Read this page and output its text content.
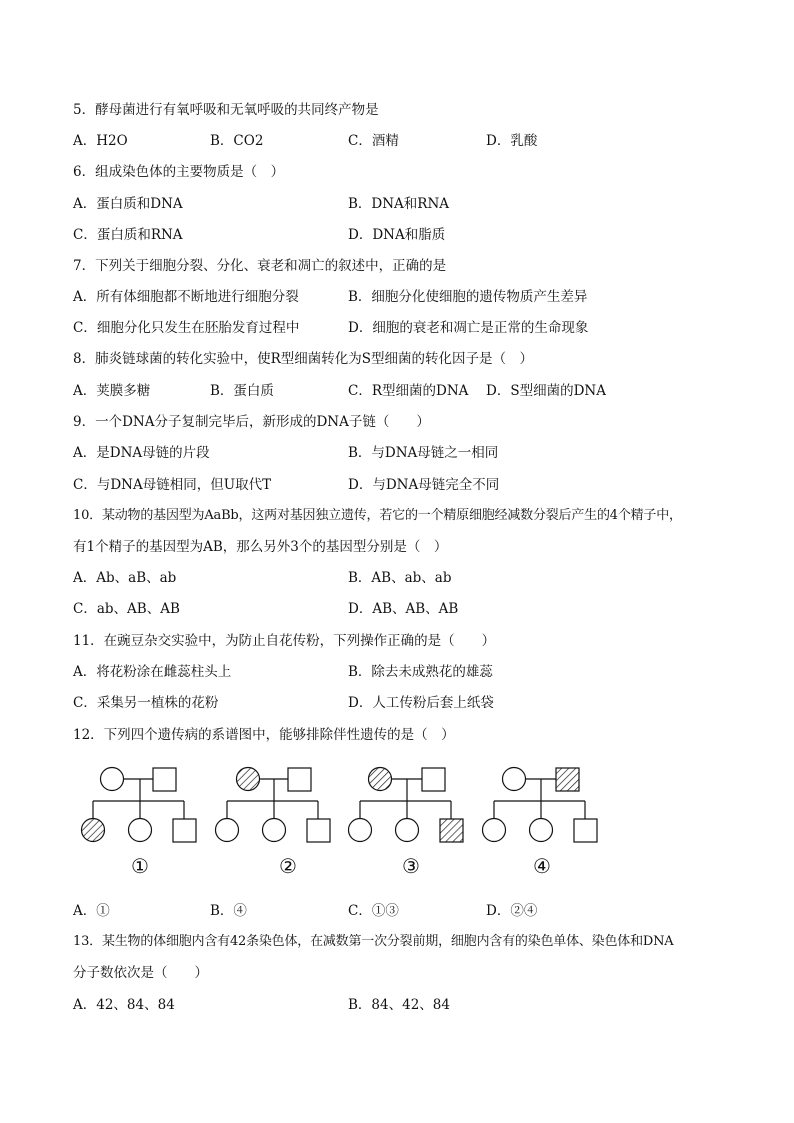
5．酵母菌进行有氧呼吸和无氧呼吸的共同终产物是
A．H2O	B．CO2	C．酒精	D．乳酸
6．组成染色体的主要物质是（　）
A．蛋白质和DNA	B．DNA和RNA
C．蛋白质和RNA	D．DNA和脂质
7．下列关于细胞分裂、分化、衰老和凋亡的叙述中，正确的是
A．所有体细胞都不断地进行细胞分裂	B．细胞分化使细胞的遗传物质产生差异
C．细胞分化只发生在胚胎发育过程中	D．细胞的衰老和凋亡是正常的生命现象
8．肺炎链球菌的转化实验中，使R型细菌转化为S型细菌的转化因子是（　）
A．荚膜多糖	B．蛋白质	C．R型细菌的DNA D．S型细菌的DNA
9．一个DNA分子复制完毕后，新形成的DNA子链（　　）
A．是DNA母链的片段	B．与DNA母链之一相同
C．与DNA母链相同，但U取代T	D．与DNA母链完全不同
10．某动物的基因型为AaBb，这两对基因独立遗传，若它的一个精原细胞经减数分裂后产生的4个精子中，
有1个精子的基因型为AB，那么另外3个的基因型分别是（　）
A．Ab、aB、ab	B．AB、ab、ab
C．ab、AB、AB	D．AB、AB、AB
11．在豌豆杂交实验中，为防止自花传粉，下列操作正确的是（　　）
A．将花粉涂在雌蕊柱头上	B．除去未成熟花的雄蕊
C．采集另一植株的花粉	D．人工传粉后套上纸袋
12．下列四个遗传病的系谱图中，能够排除伴性遗传的是（　）
①	②	③	④
A．①	B．④	C．①③	D．②④
13．某生物的体细胞内含有42条染色体，在减数第一次分裂前期，细胞内含有的染色单体、染色体和DNA
分子数依次是（　　）
A．42、84、84	B．84、42、84
